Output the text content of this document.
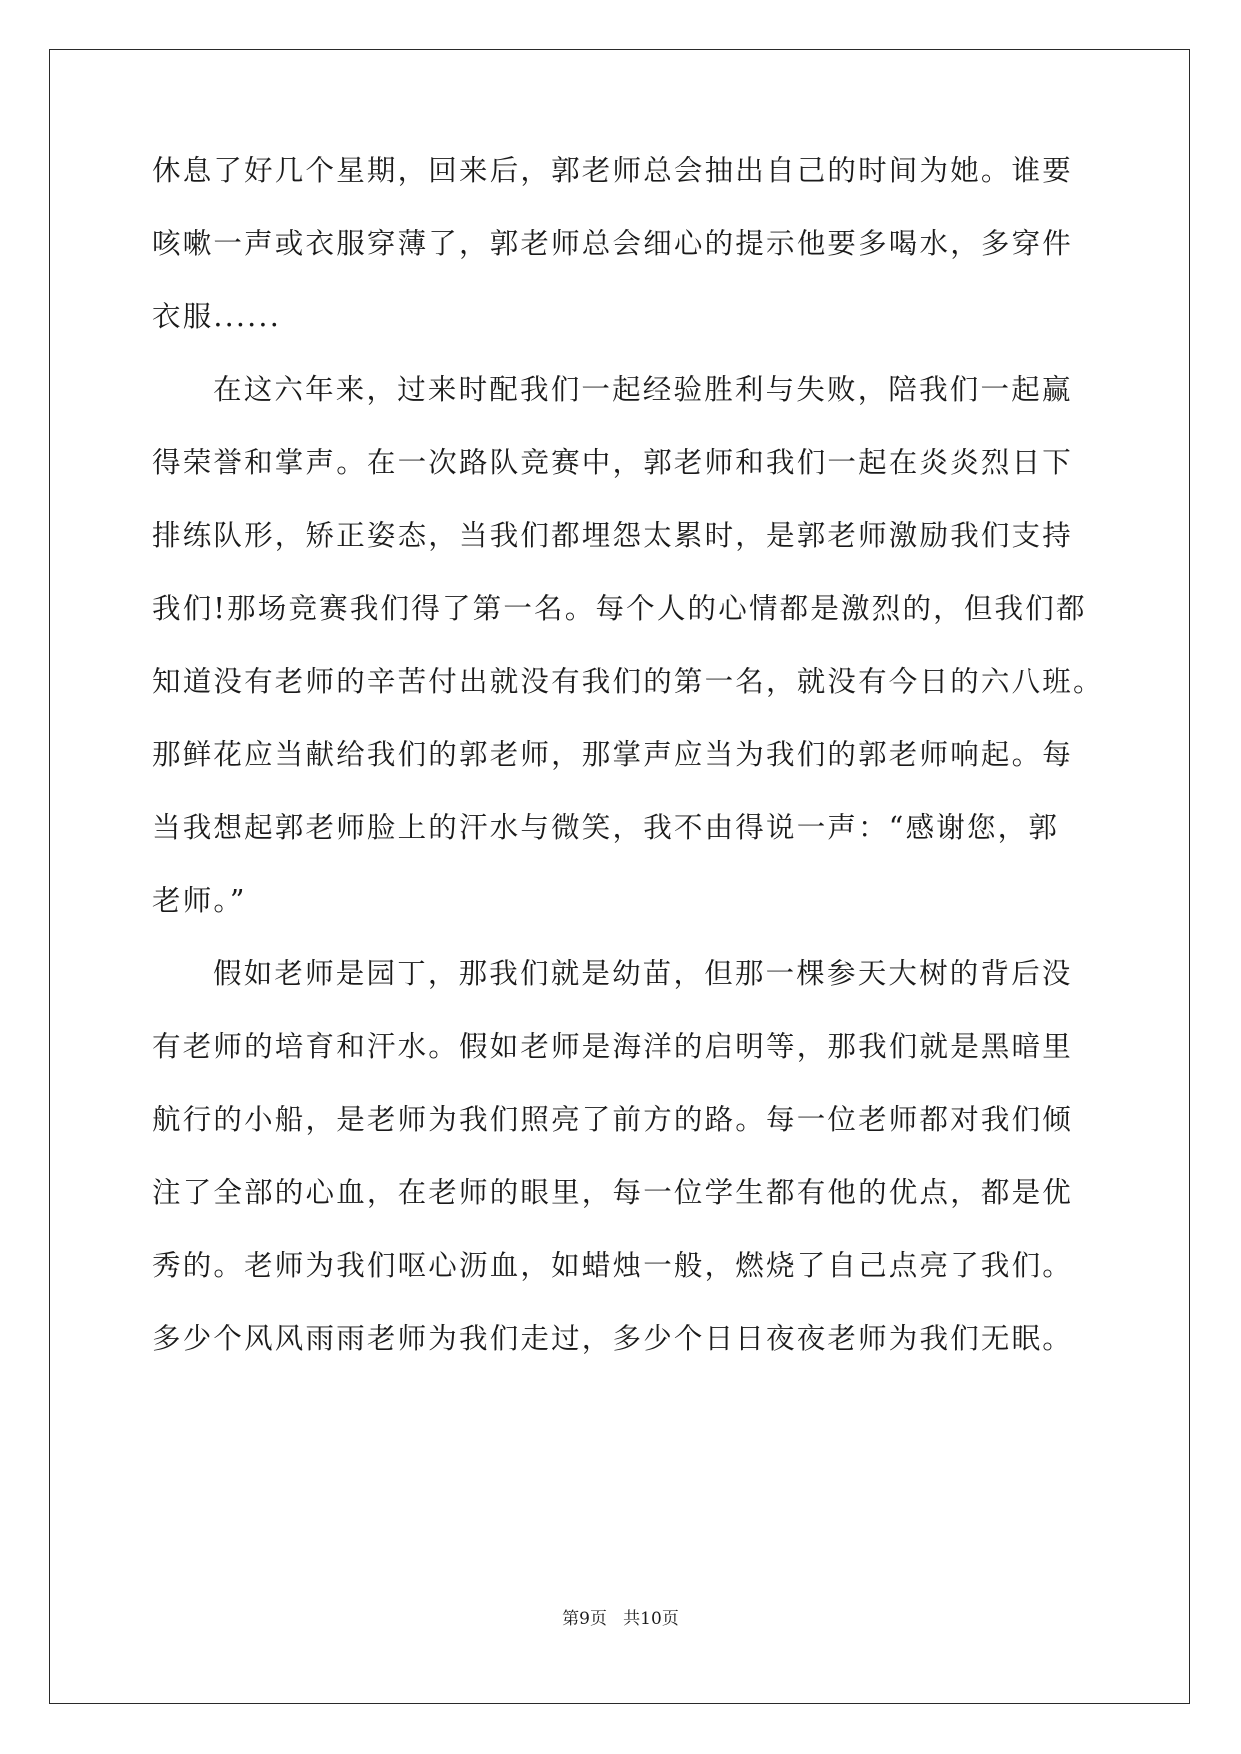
休息了好几个星期，回来后，郭老师总会抽出自己的时间为她。谁要
咳嗽一声或衣服穿薄了，郭老师总会细心的提示他要多喝水，多穿件
衣服......
在这六年来，过来时配我们一起经验胜利与失败，陪我们一起赢
得荣誉和掌声。在一次路队竞赛中，郭老师和我们一起在炎炎烈日下
排练队形，矫正姿态，当我们都埋怨太累时，是郭老师激励我们支持
我们!那场竞赛我们得了第一名。每个人的心情都是激烈的，但我们都
知道没有老师的辛苦付出就没有我们的第一名，就没有今日的六八班。
那鲜花应当献给我们的郭老师，那掌声应当为我们的郭老师响起。每
当我想起郭老师脸上的汗水与微笑，我不由得说一声：“感谢您，郭
老师。”
假如老师是园丁，那我们就是幼苗，但那一棵参天大树的背后没
有老师的培育和汗水。假如老师是海洋的启明等，那我们就是黑暗里
航行的小船，是老师为我们照亮了前方的路。每一位老师都对我们倾
注了全部的心血，在老师的眼里，每一位学生都有他的优点，都是优
秀的。老师为我们呕心沥血，如蜡烛一般，燃烧了自己点亮了我们。
多少个风风雨雨老师为我们走过，多少个日日夜夜老师为我们无眠。
第9页   共10页
